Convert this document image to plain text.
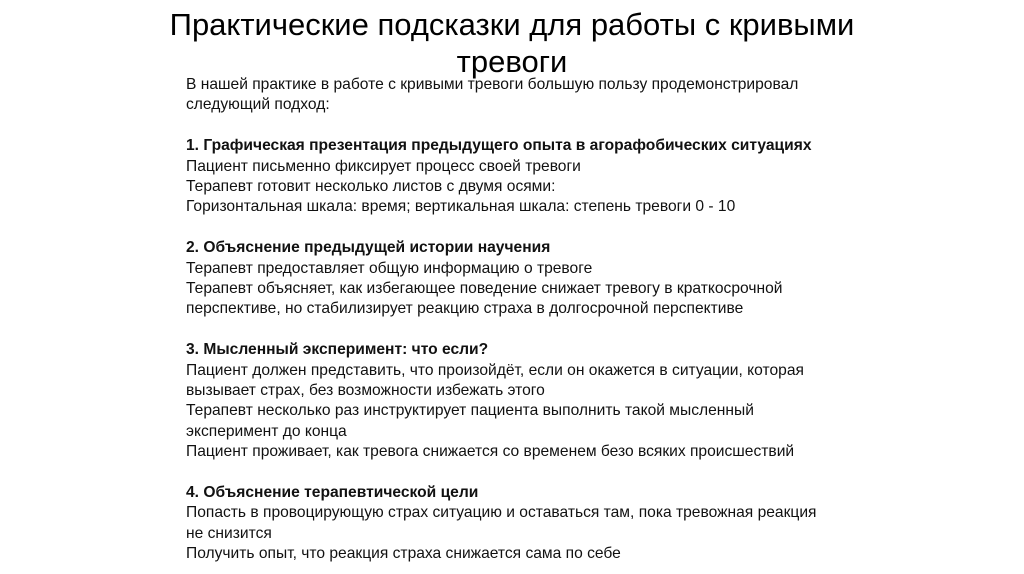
Практические подсказки для работы с кривыми
тревоги
В нашей практике в работе с кривыми тревоги большую пользу продемонстрировал
следующий подход:
1. Графическая презентация предыдущего опыта в агорафобических ситуациях
Пациент письменно фиксирует процесс своей тревоги
Терапевт готовит несколько листов с двумя осями:
Горизонтальная шкала: время; вертикальная шкала: степень тревоги 0 - 10
2. Объяснение предыдущей истории научения
Терапевт предоставляет общую информацию о тревоге
Терапевт объясняет, как избегающее поведение снижает тревогу в краткосрочной
перспективе, но стабилизирует реакцию страха в долгосрочной перспективе
3. Мысленный эксперимент: что если?
Пациент должен представить, что произойдёт, если он окажется в ситуации, которая
вызывает страх, без возможности избежать этого
Терапевт несколько раз инструктирует пациента выполнить такой мысленный
эксперимент до конца
Пациент проживает, как тревога снижается со временем безо всяких происшествий
4. Объяснение терапевтической цели
Попасть в провоцирующую страх ситуацию и оставаться там, пока тревожная реакция
не снизится
Получить опыт, что реакция страха снижается сама по себе
